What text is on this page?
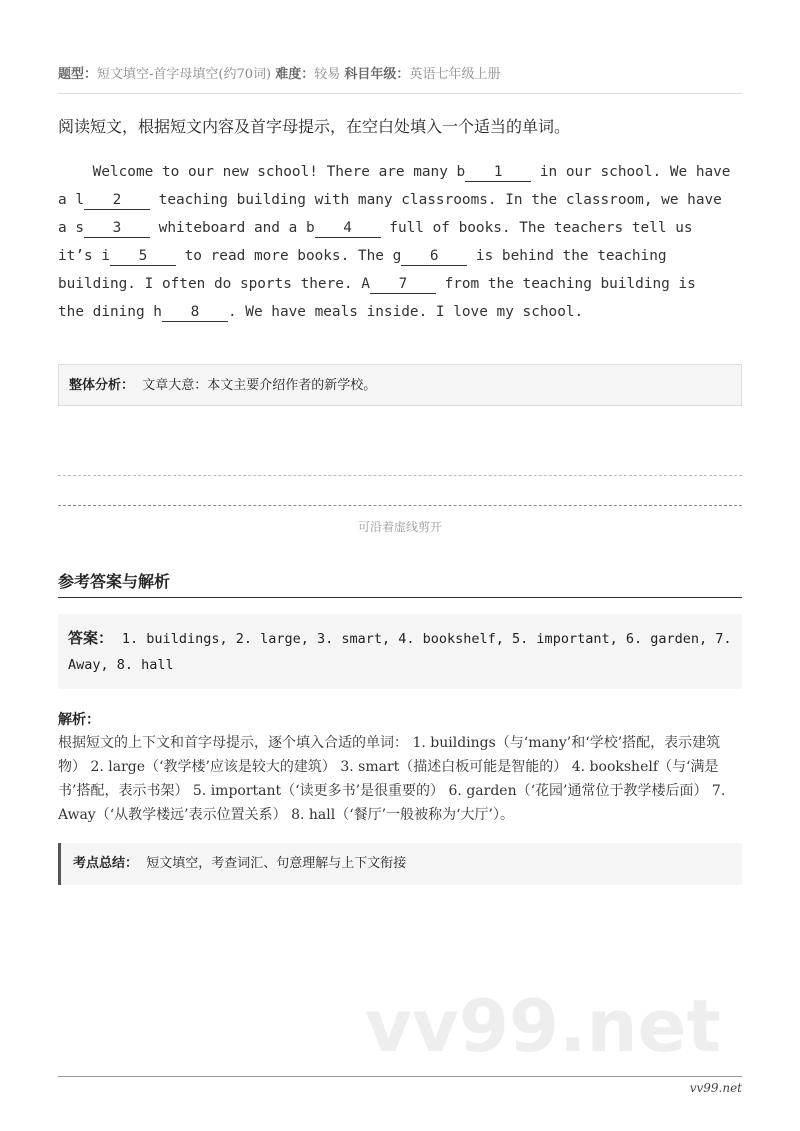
题型：短文填空-首字母填空(约70词) 难度：较易 科目年级：英语七年级上册
阅读短文，根据短文内容及首字母提示，在空白处填入一个适当的单词。
Welcome to our new school! There are many b 1 in our school. We have
a l 2 teaching building with many classrooms. In the classroom, we have
a s 3 whiteboard and a b 4 full of books. The teachers tell us
it’s i 5 to read more books. The g 6 is behind the teaching
building. I often do sports there. A 7 from the teaching building is
the dining h 8 . We have meals inside. I love my school.
整体分析： 文章大意：本文主要介绍作者的新学校。
可沿着虚线剪开
参考答案与解析
答案： 1. buildings, 2. large, 3. smart, 4. bookshelf, 5. important, 6. garden, 7. Away, 8. hall
解析：
根据短文的上下文和首字母提示，逐个填入合适的单词： 1. buildings（与‘many’和‘学校’搭配，表示建筑物） 2. large（‘教学楼’应该是较大的建筑） 3. smart（描述白板可能是智能的） 4. bookshelf（与‘满是书’搭配，表示书架） 5. important（‘读更多书’是很重要的） 6. garden（‘花园’通常位于教学楼后面） 7. Away（‘从教学楼远’表示位置关系） 8. hall（‘餐厅’一般被称为‘大厅’）。
考点总结： 短文填空，考查词汇、句意理解与上下文衔接
vv99.net
vv99.net
